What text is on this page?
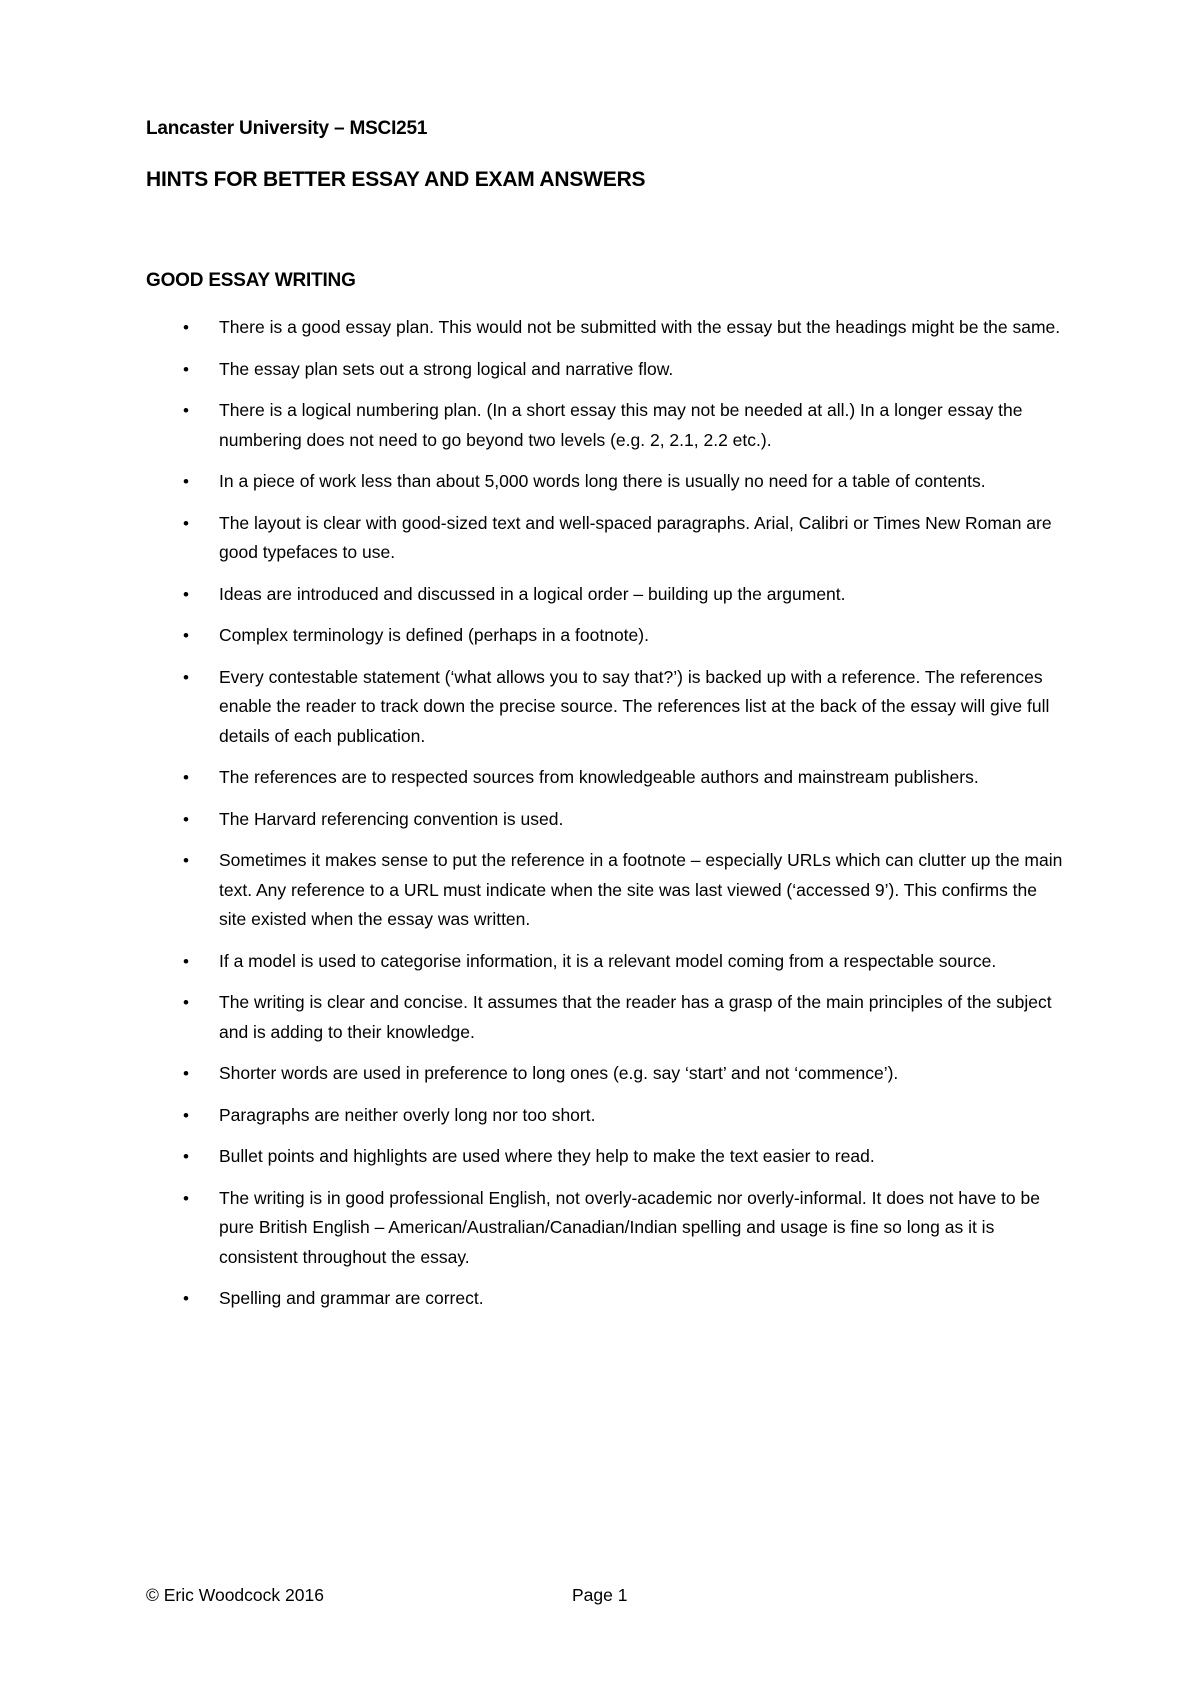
Lancaster University – MSCI251
HINTS FOR BETTER ESSAY AND EXAM ANSWERS
GOOD ESSAY WRITING
• There is a good essay plan. This would not be submitted with the essay but the headings might be the same.
• The essay plan sets out a strong logical and narrative flow.
• There is a logical numbering plan. (In a short essay this may not be needed at all.) In a longer essay the numbering does not need to go beyond two levels (e.g. 2, 2.1, 2.2 etc.).
• In a piece of work less than about 5,000 words long there is usually no need for a table of contents.
• The layout is clear with good-sized text and well-spaced paragraphs. Arial, Calibri or Times New Roman are good typefaces to use.
• Ideas are introduced and discussed in a logical order – building up the argument.
• Complex terminology is defined (perhaps in a footnote).
• Every contestable statement (‘what allows you to say that?’) is backed up with a reference. The references enable the reader to track down the precise source. The references list at the back of the essay will give full details of each publication.
• The references are to respected sources from knowledgeable authors and mainstream publishers.
• The Harvard referencing convention is used.
• Sometimes it makes sense to put the reference in a footnote – especially URLs which can clutter up the main text. Any reference to a URL must indicate when the site was last viewed (‘accessed 9’). This confirms the site existed when the essay was written.
• If a model is used to categorise information, it is a relevant model coming from a respectable source.
• The writing is clear and concise. It assumes that the reader has a grasp of the main principles of the subject and is adding to their knowledge.
• Shorter words are used in preference to long ones (e.g. say ‘start’ and not ‘commence’).
• Paragraphs are neither overly long nor too short.
• Bullet points and highlights are used where they help to make the text easier to read.
• The writing is in good professional English, not overly-academic nor overly-informal. It does not have to be pure British English – American/Australian/Canadian/Indian spelling and usage is fine so long as it is consistent throughout the essay.
• Spelling and grammar are correct.
© Eric Woodcock 2016	Page 1
